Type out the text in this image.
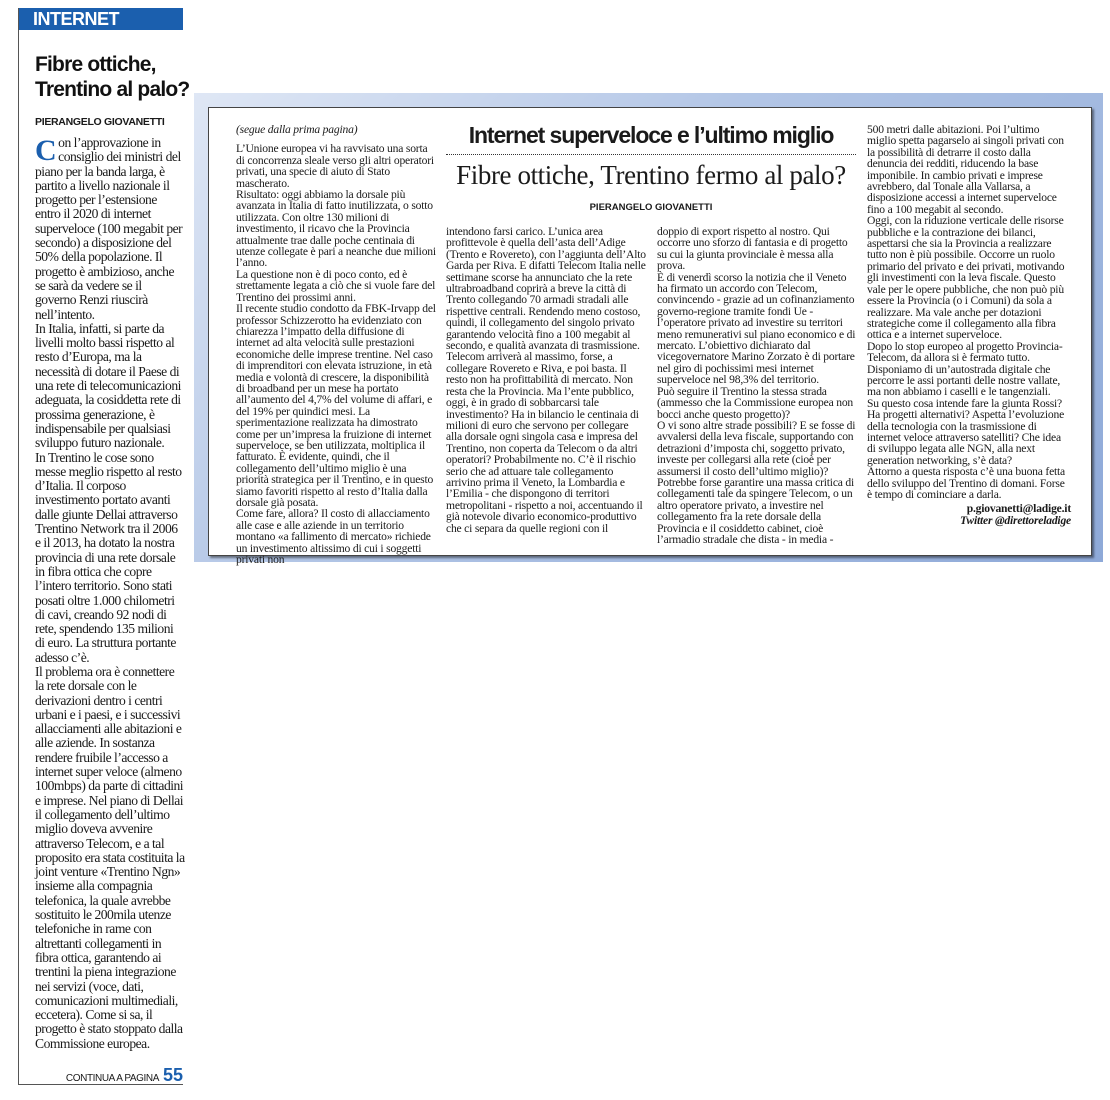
INTERNET VELOCE
Fibre ottiche,
Trentino al palo?
PIERANGELO GIOVANETTI

Con l’approvazione in consiglio dei ministri del piano per la banda larga, è partito a livello nazionale il progetto per l’estensione entro il 2020 di internet superveloce (100 megabit per secondo) a disposizione del 50% della popolazione. Il progetto è ambizioso, anche se sarà da vedere se il governo Renzi riuscirà nell’intento.

In Italia, infatti, si parte da livelli molto bassi rispetto al resto d’Europa, ma la necessità di dotare il Paese di una rete di telecomunicazioni adeguata, la cosiddetta rete di prossima generazione, è indispensabile per qualsiasi sviluppo futuro nazionale.

In Trentino le cose sono messe meglio rispetto al resto d’Italia. Il corposo investimento portato avanti dalle giunte Dellai attraverso Trentino Network tra il 2006 e il 2013, ha dotato la nostra provincia di una rete dorsale in fibra ottica che copre l’intero territorio. Sono stati posati oltre 1.000 chilometri di cavi, creando 92 nodi di rete, spendendo 135 milioni di euro. La struttura portante adesso c’è.

Il problema ora è connettere la rete dorsale con le derivazioni dentro i centri urbani e i paesi, e i successivi allacciamenti alle abitazioni e alle aziende. In sostanza rendere fruibile l’accesso a internet super veloce (almeno 100mbps) da parte di cittadini e imprese. Nel piano di Dellai il collegamento dell’ultimo miglio doveva avvenire attraverso Telecom, e a tal proposito era stata costituita la joint venture «Trentino Ngn» insieme alla compagnia telefonica, la quale avrebbe sostituito le 200mila utenze telefoniche in rame con altrettanti collegamenti in fibra ottica, garantendo ai trentini la piena integrazione nei servizi (voce, dati, comunicazioni multimediali, eccetera). Come si sa, il progetto è stato stoppato dalla Commissione europea.

CONTINUA A PAGINA 55

(segue dalla prima pagina)

L’Unione europea vi ha ravvisato una sorta di concorrenza sleale verso gli altri operatori privati, una specie di aiuto di Stato mascherato.

Risultato: oggi abbiamo la dorsale più avanzata in Italia di fatto inutilizzata, o sotto utilizzata. Con oltre 130 milioni di investimento, il ricavo che la Provincia attualmente trae dalle poche centinaia di utenze collegate è pari a neanche due milioni l’anno.

La questione non è di poco conto, ed è strettamente legata a ciò che si vuole fare del Trentino dei prossimi anni.

Il recente studio condotto da FBK-Irvapp del professor Schizzerotto ha evidenziato con chiarezza l’impatto della diffusione di internet ad alta velocità sulle prestazioni economiche delle imprese trentine. Nel caso di imprenditori con elevata istruzione, in età media e volontà di crescere, la disponibilità di broadband per un mese ha portato all’aumento del 4,7% del volume di affari, e del 19% per quindici mesi. La sperimentazione realizzata ha dimostrato come per un’impresa la fruizione di internet superveloce, se ben utilizzata, moltiplica il fatturato. È evidente, quindi, che il collegamento dell’ultimo miglio è una priorità strategica per il Trentino, e in questo siamo favoriti rispetto al resto d’Italia dalla dorsale già posata.

Come fare, allora? Il costo di allacciamento alle case e alle aziende in un territorio montano «a fallimento di mercato» richiede un investimento altissimo di cui i soggetti privati non

Internet superveloce e l’ultimo miglio
Fibre ottiche, Trentino fermo al palo?
PIERANGELO GIOVANETTI

intendono farsi carico. L’unica area profittevole è quella dell’asta dell’Adige (Trento e Rovereto), con l’aggiunta dell’Alto Garda per Riva. E difatti Telecom Italia nelle settimane scorse ha annunciato che la rete ultrabroadband coprirà a breve la città di Trento collegando 70 armadi stradali alle rispettive centrali. Rendendo meno costoso, quindi, il collegamento del singolo privato garantendo velocità fino a 100 megabit al secondo, e qualità avanzata di trasmissione.

Telecom arriverà al massimo, forse, a collegare Rovereto e Riva, e poi basta. Il resto non ha profittabilità di mercato. Non resta che la Provincia. Ma l’ente pubblico, oggi, è in grado di sobbarcarsi tale investimento? Ha in bilancio le centinaia di milioni di euro che servono per collegare alla dorsale ogni singola casa e impresa del Trentino, non coperta da Telecom o da altri operatori? Probabilmente no. C’è il rischio serio che ad attuare tale collegamento arrivino prima il Veneto, la Lombardia e l’Emilia - che dispongono di territori metropolitani - rispetto a noi, accentuando il già notevole divario economico-produttivo che ci separa da quelle regioni con il

doppio di export rispetto al nostro. Qui occorre uno sforzo di fantasia e di progetto su cui la giunta provinciale è messa alla prova.

È di venerdì scorso la notizia che il Veneto ha firmato un accordo con Telecom, convincendo - grazie ad un cofinanziamento governo-regione tramite fondi Ue - l’operatore privato ad investire su territori meno remunerativi sul piano economico e di mercato. L’obiettivo dichiarato dal vicegovernatore Marino Zorzato è di portare nel giro di pochissimi mesi internet superveloce nel 98,3% del territorio.

Può seguire il Trentino la stessa strada (ammesso che la Commissione europea non bocci anche questo progetto)?

O vi sono altre strade possibili? E se fosse di avvalersi della leva fiscale, supportando con detrazioni d’imposta chi, soggetto privato, investe per collegarsi alla rete (cioè per assumersi il costo dell’ultimo miglio)? Potrebbe forse garantire una massa critica di collegamenti tale da spingere Telecom, o un altro operatore privato, a investire nel collegamento fra la rete dorsale della Provincia e il cosiddetto cabinet, cioè l’armadio stradale che dista - in media -

500 metri dalle abitazioni. Poi l’ultimo miglio spetta pagarselo ai singoli privati con la possibilità di detrarre il costo dalla denuncia dei redditi, riducendo la base imponibile. In cambio privati e imprese avrebbero, dal Tonale alla Vallarsa, a disposizione accessi a internet superveloce fino a 100 megabit al secondo.

Oggi, con la riduzione verticale delle risorse pubbliche e la contrazione dei bilanci, aspettarsi che sia la Provincia a realizzare tutto non è più possibile. Occorre un ruolo primario del privato e dei privati, motivando gli investimenti con la leva fiscale. Questo vale per le opere pubbliche, che non può più essere la Provincia (o i Comuni) da sola a realizzare. Ma vale anche per dotazioni strategiche come il collegamento alla fibra ottica e a internet superveloce.

Dopo lo stop europeo al progetto Provincia-Telecom, da allora si è fermato tutto. Disponiamo di un’autostrada digitale che percorre le assi portanti delle nostre vallate, ma non abbiamo i caselli e le tangenziali.

Su questo cosa intende fare la giunta Rossi? Ha progetti alternativi? Aspetta l’evoluzione della tecnologia con la trasmissione di internet veloce attraverso satelliti? Che idea di sviluppo legata alle NGN, alla next generation networking, s’è data?

Attorno a questa risposta c’è una buona fetta dello sviluppo del Trentino di domani. Forse è tempo di cominciare a darla.

p.giovanetti@ladige.it

Twitter @direttoreladige
